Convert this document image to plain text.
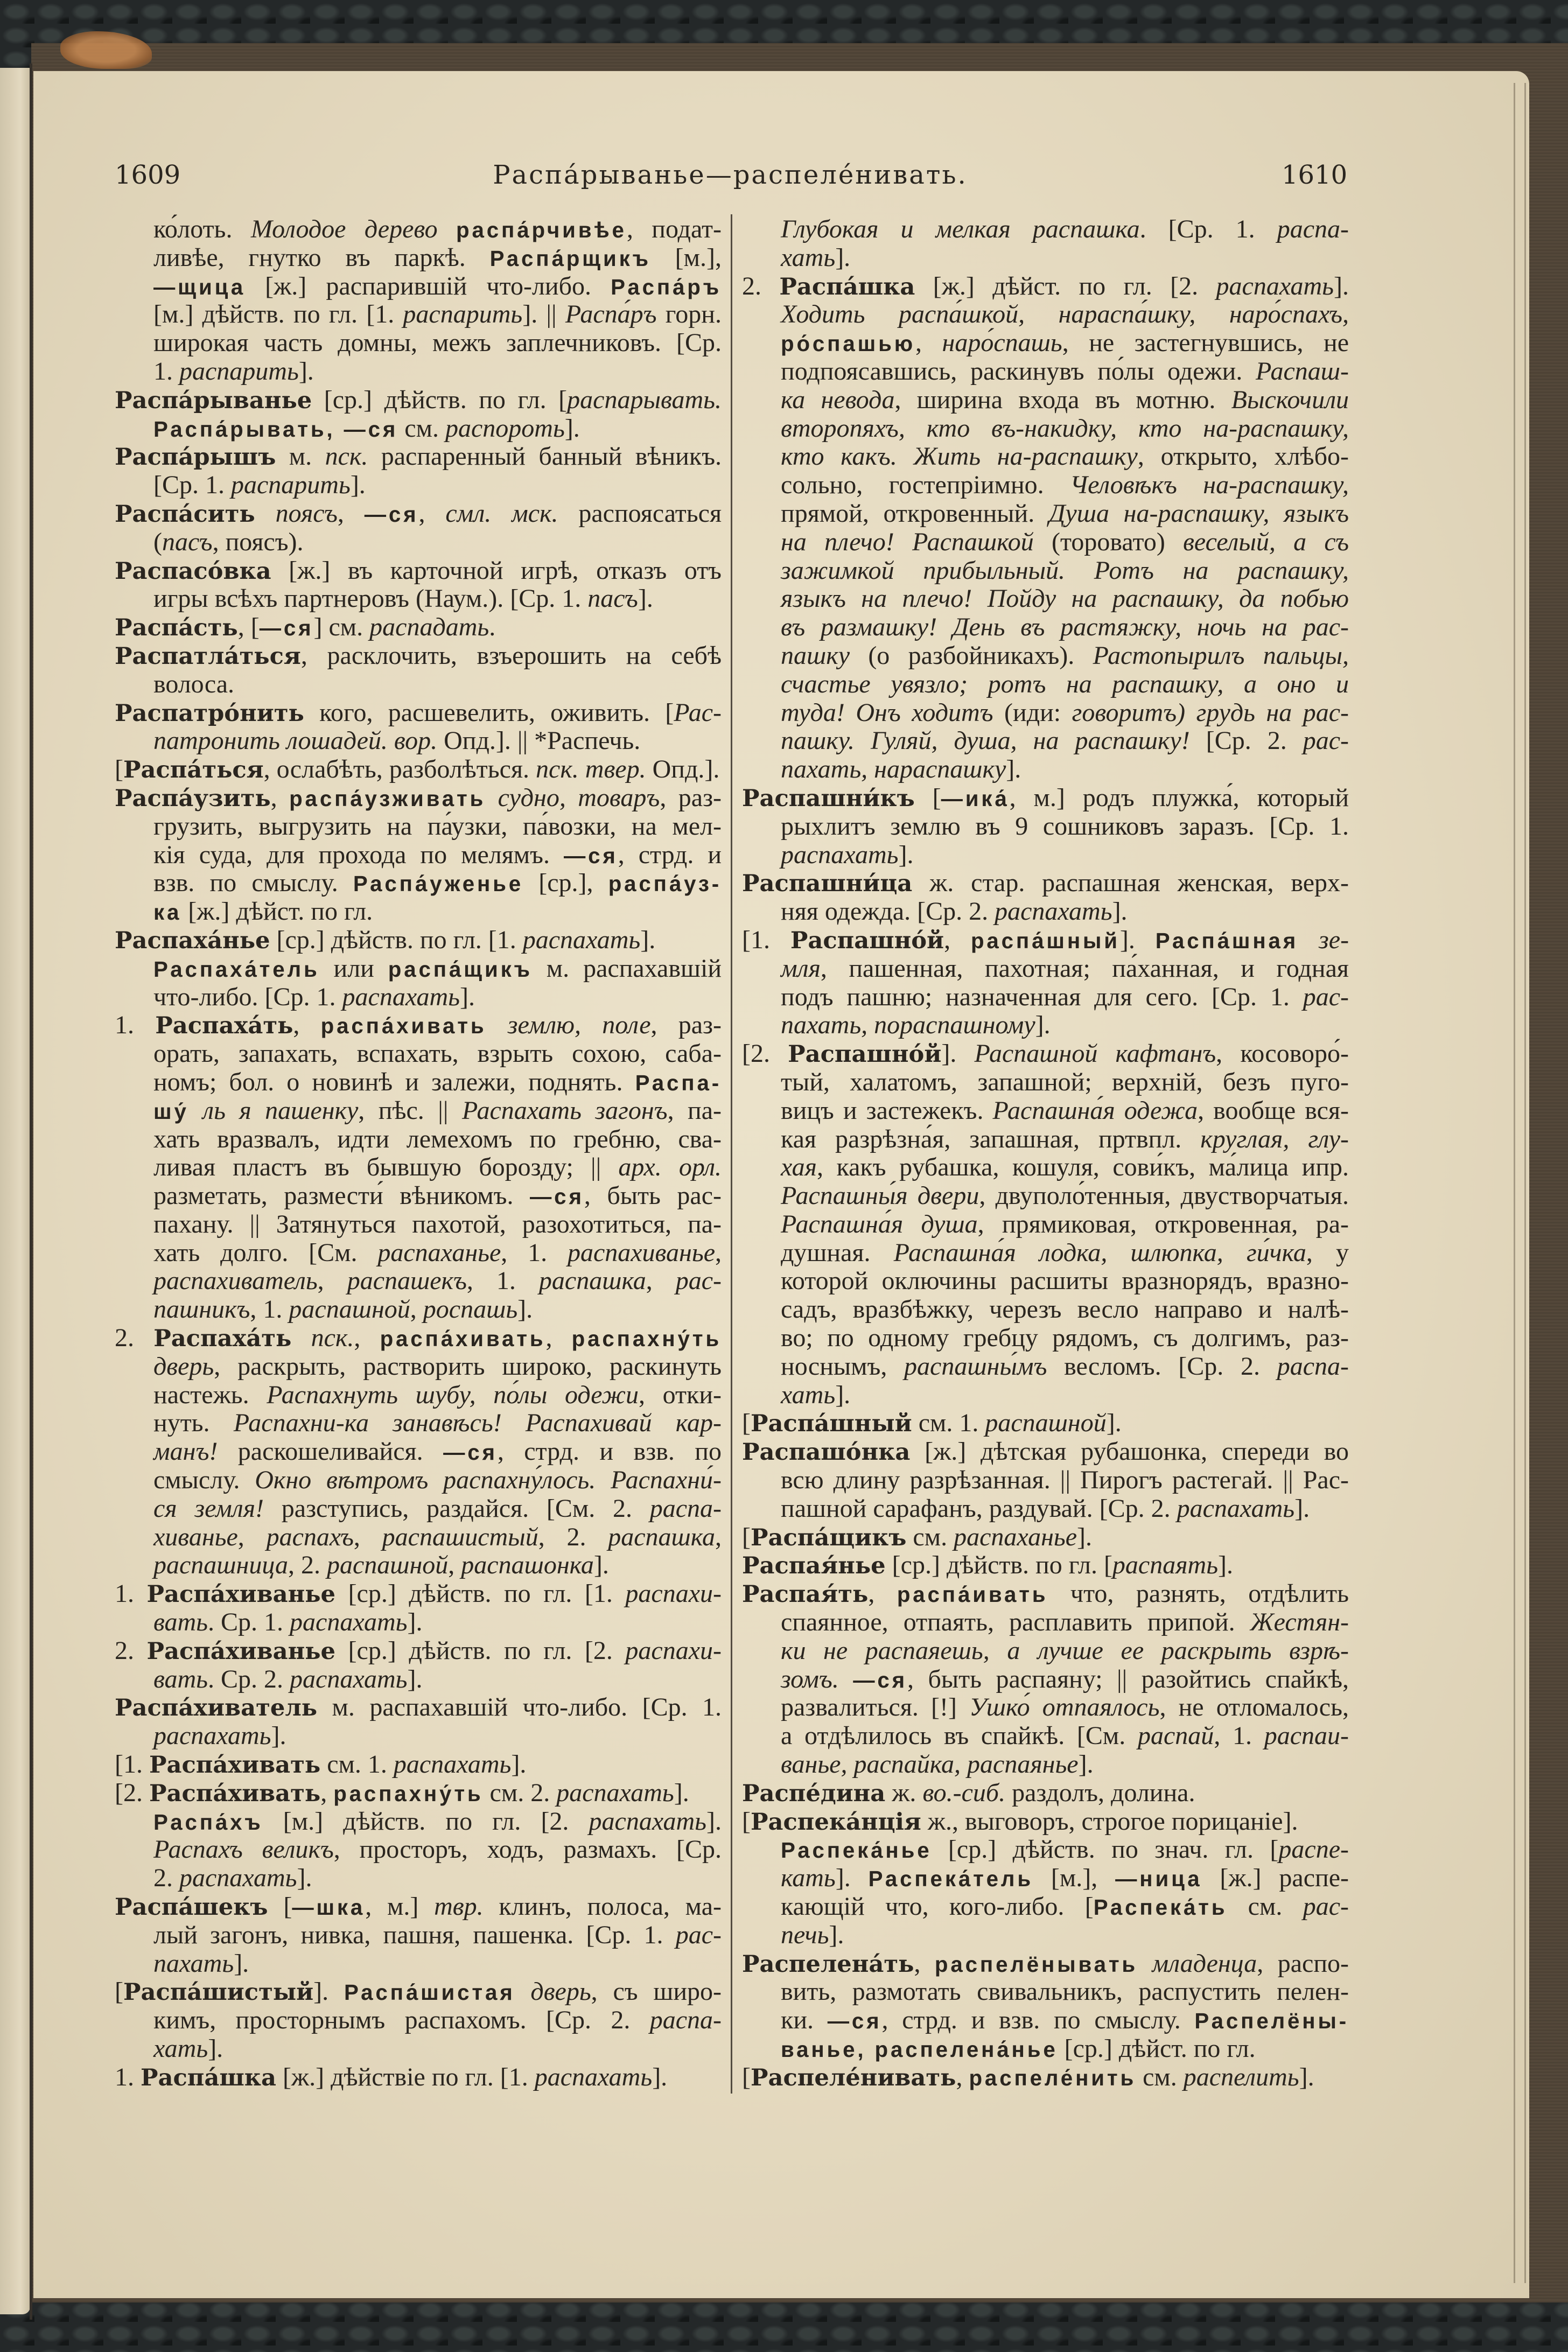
1609	Распа́рыванье—распеле́нивать.	1610
ко́лоть. Молодое дерево распа́рчивѣе, подат-
ливѣе, гнутко въ паркѣ. Распа́рщикъ [м.],
—щица [ж.] распарившій что-либо. Распа́ръ
[м.] дѣйств. по гл. [1. распарить]. || Распа́ръ горн.
широкая часть домны, межъ заплечниковъ. [Ср.
1. распарить].
Распа́рыванье [ср.] дѣйств. по гл. [распарывать.
Распа́рывать, —ся см. распороть].
Распа́рышъ м. пск. распаренный банный вѣникъ.
[Ср. 1. распарить].
Распа́сить поясъ, —ся, смл. мск. распоясаться
(пасъ, поясъ).
Распасо́вка [ж.] въ карточной игрѣ, отказъ отъ
игры всѣхъ партнеровъ (Наум.). [Ср. 1. пасъ].
Распа́сть, [—ся] см. распадать.
Распатла́ться, расклочить, взъерошить на себѣ
волоса.
Распатро́нить кого, расшевелить, оживить. [Рас-
патронить лошадей. вор. Опд.]. || *Распечь.
[Распа́ться, ослабѣть, разболѣться. пск. твер. Опд.].
Распа́узить, распа́узживать судно, товаръ, раз-
грузить, выгрузить на па́узки, па́возки, на мел-
кія суда, для прохода по мелямъ. —ся, стрд. и
взв. по смыслу. Распа́уженье [ср.], распа́уз-
ка [ж.] дѣйст. по гл.
Распаха́нье [ср.] дѣйств. по гл. [1. распахать].
Распаха́тель или распа́щикъ м. распахавшій
что-либо. [Ср. 1. распахать].
1. Распаха́ть, распа́хивать землю, поле, раз-
орать, запахать, вспахать, взрыть сохою, саба-
номъ; бол. о новинѣ и залежи, поднять. Распа-
шу́ ль я пашенку, пѣс. || Распахать загонъ, па-
хать вразвалъ, идти лемехомъ по гребню, сва-
ливая пластъ въ бывшую борозду; || арх. орл.
разметать, размести́ вѣникомъ. —ся, быть рас-
пахану. || Затянуться пахотой, разохотиться, па-
хать долго. [См. распаханье, 1. распахиванье,
распахиватель, распашекъ, 1. распашка, рас-
пашникъ, 1. распашной, роспашь].
2. Распаха́ть пск., распа́хивать, распахну́ть
дверь, раскрыть, растворить широко, раскинуть
настежь. Распахнуть шубу, по́лы одежи, отки-
нуть. Распахни-ка занавѣсь! Распахивай кар-
манъ! раскошеливайся. —ся, стрд. и взв. по
смыслу. Окно вѣтромъ распахну́лось. Распахни́-
ся земля! разступись, раздайся. [См. 2. распа-
хиванье, распахъ, распашистый, 2. распашка,
распашница, 2. распашной, распашонка].
1. Распа́хиванье [ср.] дѣйств. по гл. [1. распахи-
вать. Ср. 1. распахать].
2. Распа́хиванье [ср.] дѣйств. по гл. [2. распахи-
вать. Ср. 2. распахать].
Распа́хиватель м. распахавшій что-либо. [Ср. 1.
распахать].
[1. Распа́хивать см. 1. распахать].
[2. Распа́хивать, распахну́ть см. 2. распахать].
Распа́хъ [м.] дѣйств. по гл. [2. распахать].
Распахъ великъ, просторъ, ходъ, размахъ. [Ср.
2. распахать].
Распа́шекъ [—шка, м.] твр. клинъ, полоса, ма-
лый загонъ, нивка, пашня, пашенка. [Ср. 1. рас-
пахать].
[Распа́шистый]. Распа́шистая дверь, съ широ-
кимъ, просторнымъ распахомъ. [Ср. 2. распа-
хать].
1. Распа́шка [ж.] дѣйствіе по гл. [1. распахать].
Глубокая и мелкая распашка. [Ср. 1. распа-
хать].
2. Распа́шка [ж.] дѣйст. по гл. [2. распахать].
Ходить распа́шкой, нараспа́шку, наро́спахъ,
ро́спашью, наро́спашь, не застегнувшись, не
подпоясавшись, раскинувъ по́лы одежи. Распаш-
ка невода, ширина входа въ мотню. Выскочили
второпяхъ, кто въ-накидку, кто на-распашку,
кто какъ. Жить на-распашку, открыто, хлѣбо-
сольно, гостепріимно. Человѣкъ на-распашку,
прямой, откровенный. Душа на-распашку, языкъ
на плечо! Распашкой (торовато) веселый, а съ
зажимкой прибыльный. Ротъ на распашку,
языкъ на плечо! Пойду на распашку, да побью
въ размашку! День въ растяжку, ночь на рас-
пашку (о разбойникахъ). Растопырилъ пальцы,
счастье увязло; ротъ на распашку, а оно и
туда! Онъ ходитъ (иди: говоритъ) грудь на рас-
пашку. Гуляй, душа, на распашку! [Ср. 2. рас-
пахать, нараспашку].
Распашни́къ [—ика́, м.] родъ плужка́, который
рыхлитъ землю въ 9 сошниковъ заразъ. [Ср. 1.
распахать].
Распашни́ца ж. стар. распашная женская, верх-
няя одежда. [Ср. 2. распахать].
[1. Распашно́й, распа́шный]. Распа́шная зе-
мля, пашенная, пахотная; па́ханная, и годная
подъ пашню; назначенная для сего. [Ср. 1. рас-
пахать, пораспашному].
[2. Распашно́й]. Распашной кафтанъ, косоворо́-
тый, халатомъ, запашной; верхній, безъ пуго-
вицъ и застежекъ. Распашна́я одежа, вообще вся-
кая разрѣзна́я, запашная, пртвпл. круглая, глу-
хая, какъ рубашка, кошуля, сови́къ, ма́лица ипр.
Распашны́я двери, двуполо́тенныя, двустворчатыя.
Распашна́я душа, прямиковая, откровенная, ра-
душная. Распашна́я лодка, шлюпка, ги́чка, у
которой оключины расшиты вразнорядъ, вразно-
садъ, вразбѣжку, черезъ весло направо и налѣ-
во; по одному гребцу рядомъ, съ долгимъ, раз-
носнымъ, распашны́мъ весломъ. [Ср. 2. распа-
хать].
[Распа́шный см. 1. распашной].
Распашо́нка [ж.] дѣтская рубашонка, спереди во
всю длину разрѣзанная. || Пирогъ растегай. || Рас-
пашной сарафанъ, раздувай. [Ср. 2. распахать].
[Распа́щикъ см. распаханье].
Распая́нье [ср.] дѣйств. по гл. [распаять].
Распая́ть, распа́ивать что, разнять, отдѣлить
спаянное, отпаять, расплавить припой. Жестян-
ки не распаяешь, а лучше ее раскрыть взрѣ-
зомъ. —ся, быть распаяну; || разойтись спайкѣ,
развалиться. [!] Ушко́ отпаялось, не отломалось,
а отдѣлилось въ спайкѣ. [См. распай, 1. распаи-
ванье, распайка, распаянье].
Распе́дина ж. во.-сиб. раздолъ, долина.
[Распека́нція ж., выговоръ, строгое порицаніе].
Распека́нье [ср.] дѣйств. по знач. гл. [распе-
кать]. Распека́тель [м.], —ница [ж.] распе-
кающій что, кого-либо. [Распека́ть см. рас-
печь].
Распелена́ть, распелёнывать младенца, распо-
вить, размотать свивальникъ, распустить пелен-
ки. —ся, стрд. и взв. по смыслу. Распелёны-
ванье, распелена́нье [ср.] дѣйст. по гл.
[Распеле́нивать, распеле́нить см. распелить].
